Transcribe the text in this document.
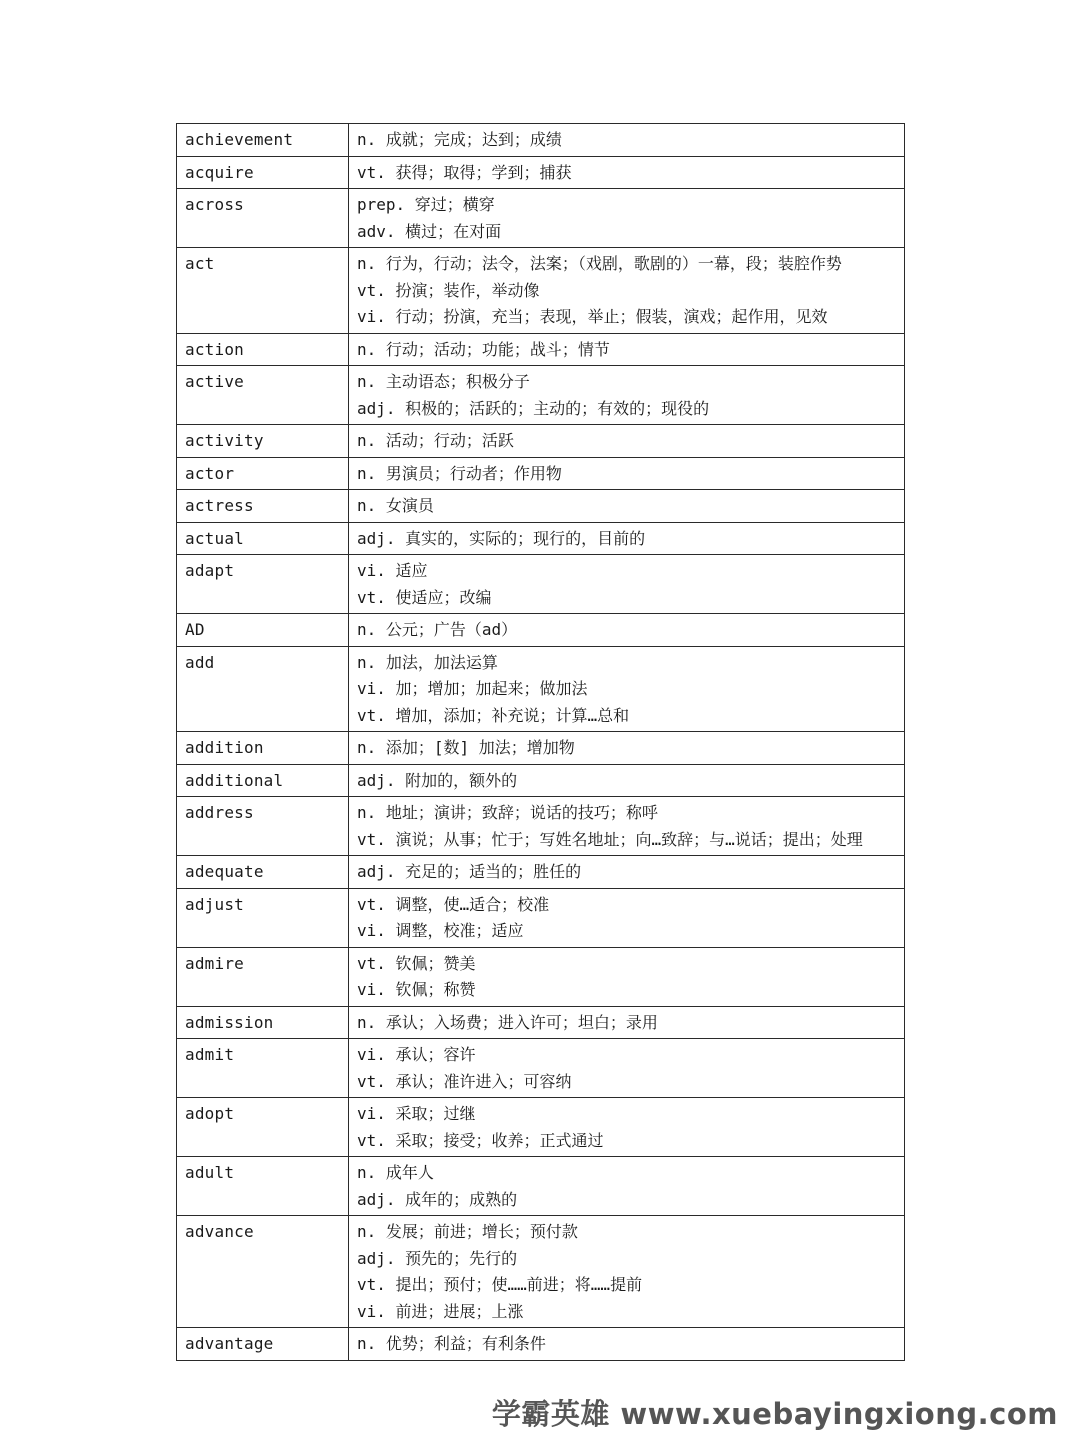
achievement	n. 成就；完成；达到；成绩

acquire	vt. 获得；取得；学到；捕获

across	prep. 穿过；横穿
adv. 横过；在对面

act	n. 行为，行动；法令，法案；（戏剧，歌剧的）一幕，段；装腔作势
vt. 扮演；装作，举动像
vi. 行动；扮演，充当；表现，举止；假装，演戏；起作用，见效

action	n. 行动；活动；功能；战斗；情节

active	n. 主动语态；积极分子
adj. 积极的；活跃的；主动的；有效的；现役的

activity	n. 活动；行动；活跃

actor	n. 男演员；行动者；作用物

actress	n. 女演员

actual	adj. 真实的，实际的；现行的，目前的

adapt	vi. 适应
vt. 使适应；改编

AD	n. 公元；广告（ad）

add	n. 加法，加法运算
vi. 加；增加；加起来；做加法
vt. 增加，添加；补充说；计算…总和

addition	n. 添加；[数] 加法；增加物

additional	adj. 附加的，额外的

address	n. 地址；演讲；致辞；说话的技巧；称呼
vt. 演说；从事；忙于；写姓名地址；向…致辞；与…说话；提出；处理

adequate	adj. 充足的；适当的；胜任的

adjust	vt. 调整，使…适合；校准
vi. 调整，校准；适应

admire	vt. 钦佩；赞美
vi. 钦佩；称赞

admission	n. 承认；入场费；进入许可；坦白；录用

admit	vi. 承认；容许
vt. 承认；准许进入；可容纳

adopt	vi. 采取；过继
vt. 采取；接受；收养；正式通过

adult	n. 成年人
adj. 成年的；成熟的

advance	n. 发展；前进；增长；预付款
adj. 预先的；先行的
vt. 提出；预付；使……前进；将……提前
vi. 前进；进展；上涨

advantage	n. 优势；利益；有利条件
学霸英雄 www.xuebayingxiong.com
